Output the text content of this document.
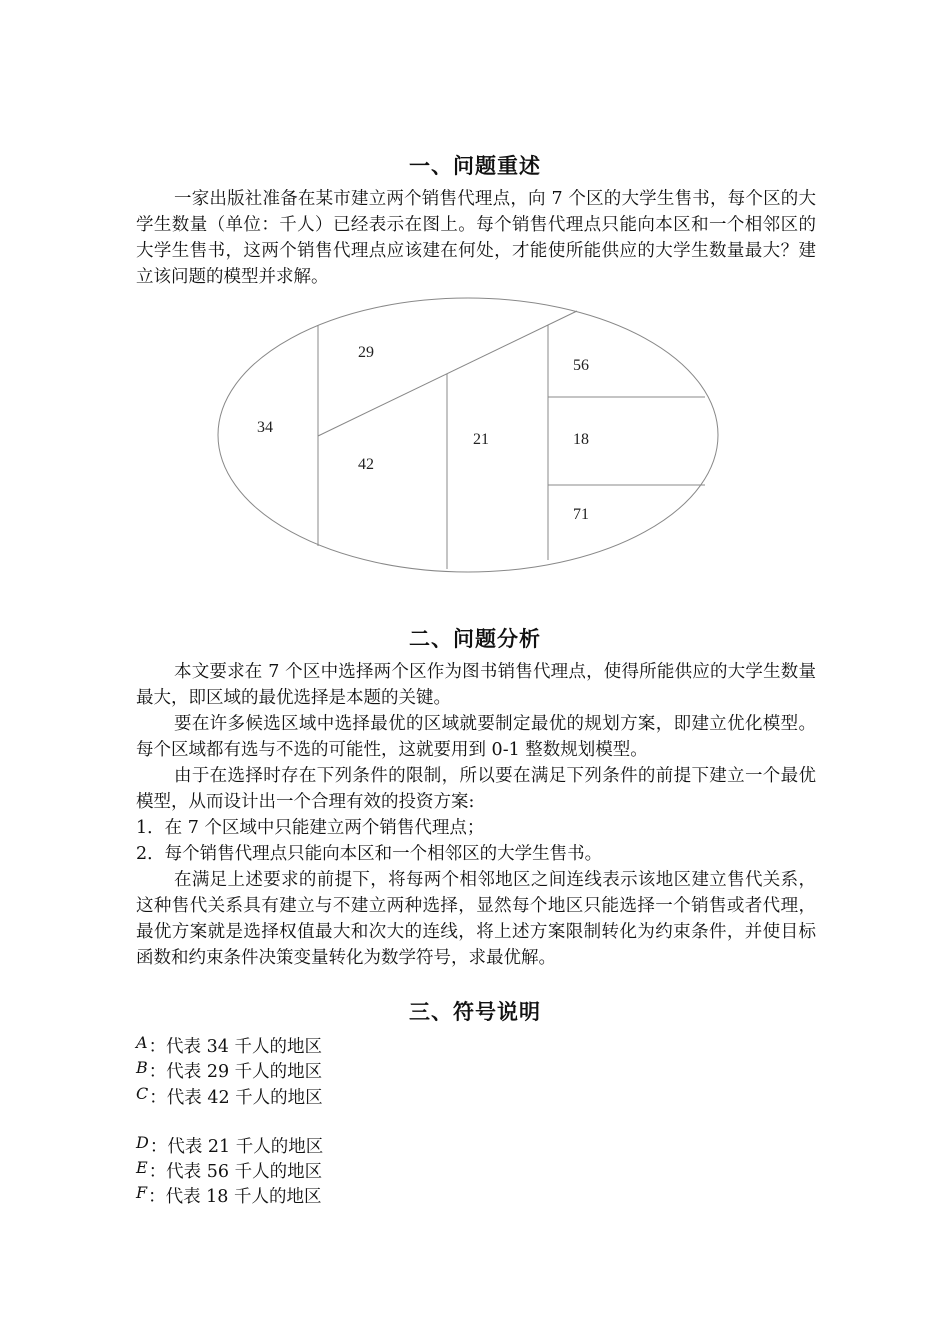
一、问题重述

一家出版社准备在某市建立两个销售代理点，向 7 个区的大学生售书，每个区的大学生数量（单位：千人）已经表示在图上。每个销售代理点只能向本区和一个相邻区的大学生售书，这两个销售代理点应该建在何处，才能使所能供应的大学生数量最大？建立该问题的模型并求解。

34
29
42
21
56
18
71
二、问题分析

本文要求在 7 个区中选择两个区作为图书销售代理点，使得所能供应的大学生数量最大，即区域的最优选择是本题的关键。

要在许多候选区域中选择最优的区域就要制定最优的规划方案，即建立优化模型。每个区域都有选与不选的可能性，这就要用到 0-1 整数规划模型。

由于在选择时存在下列条件的限制，所以要在满足下列条件的前提下建立一个最优模型，从而设计出一个合理有效的投资方案:

1．在 7 个区域中只能建立两个销售代理点；
2．每个销售代理点只能向本区和一个相邻区的大学生售书。

在满足上述要求的前提下，将每两个相邻地区之间连线表示该地区建立售代关系，这种售代关系具有建立与不建立两种选择，显然每个地区只能选择一个销售或者代理，最优方案就是选择权值最大和次大的连线，将上述方案限制转化为约束条件，并使目标函数和约束条件决策变量转化为数学符号，求最优解。

三、符号说明
A：代表 34 千人的地区
B：代表 29 千人的地区
C：代表 42 千人的地区
D：代表 21 千人的地区
E：代表 56 千人的地区
F：代表 18 千人的地区
